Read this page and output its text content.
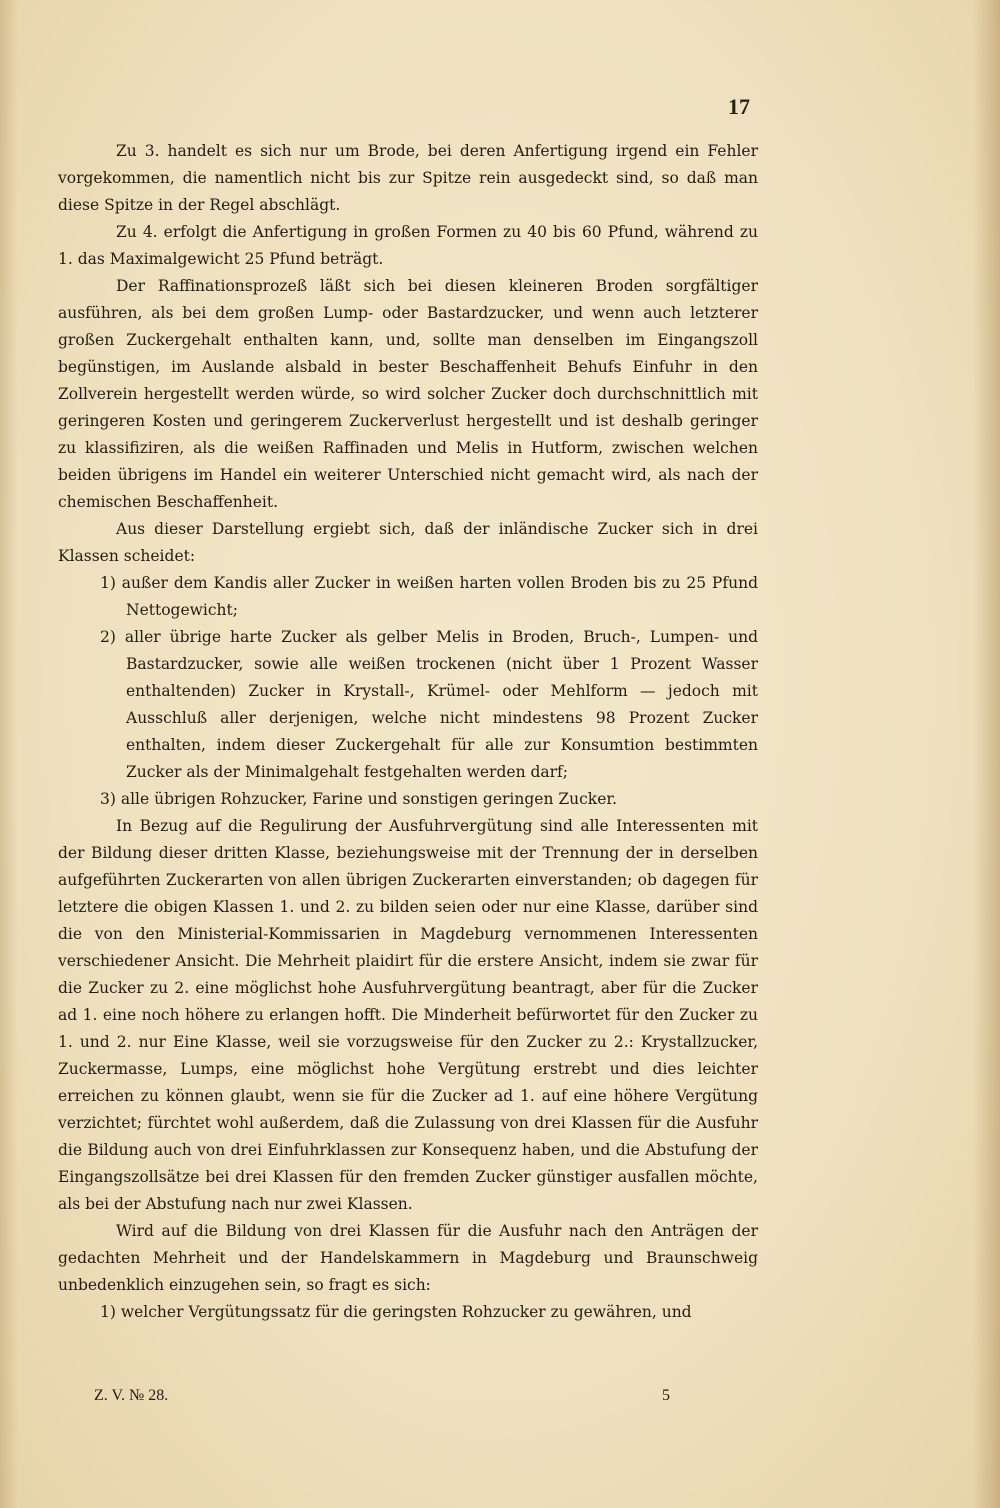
17

Zu 3. handelt es sich nur um Brode, bei deren Anfertigung irgend ein Fehler vorgekommen, die namentlich nicht bis zur Spitze rein ausgedeckt sind, so daß man diese Spitze in der Regel abschlägt.

Zu 4. erfolgt die Anfertigung in großen Formen zu 40 bis 60 Pfund, während zu 1. das Maximalgewicht 25 Pfund beträgt.

Der Raffinationsprozeß läßt sich bei diesen kleineren Broden sorgfältiger ausführen, als bei dem großen Lump- oder Bastardzucker, und wenn auch letzterer großen Zuckergehalt enthalten kann, und, sollte man denselben im Eingangszoll begünstigen, im Auslande alsbald in bester Beschaffenheit Behufs Einfuhr in den Zollverein hergestellt werden würde, so wird solcher Zucker doch durchschnittlich mit geringeren Kosten und geringerem Zuckerverlust hergestellt und ist deshalb geringer zu klassifiziren, als die weißen Raffinaden und Melis in Hutform, zwischen welchen beiden übrigens im Handel ein weiterer Unterschied nicht gemacht wird, als nach der chemischen Beschaffenheit.

Aus dieser Darstellung ergiebt sich, daß der inländische Zucker sich in drei Klassen scheidet:

1) außer dem Kandis aller Zucker in weißen harten vollen Broden bis zu 25 Pfund Nettogewicht;

2) aller übrige harte Zucker als gelber Melis in Broden, Bruch-, Lumpen- und Bastardzucker, sowie alle weißen trockenen (nicht über 1 Prozent Wasser enthaltenden) Zucker in Krystall-, Krümel- oder Mehlform — jedoch mit Ausschluß aller derjenigen, welche nicht mindestens 98 Prozent Zucker enthalten, indem dieser Zuckergehalt für alle zur Konsumtion bestimmten Zucker als der Minimalgehalt festgehalten werden darf;

3) alle übrigen Rohzucker, Farine und sonstigen geringen Zucker.

In Bezug auf die Regulirung der Ausfuhrvergütung sind alle Interessenten mit der Bildung dieser dritten Klasse, beziehungsweise mit der Trennung der in derselben aufgeführten Zuckerarten von allen übrigen Zuckerarten einverstanden; ob dagegen für letztere die obigen Klassen 1. und 2. zu bilden seien oder nur eine Klasse, darüber sind die von den Ministerial-Kommissarien in Magdeburg vernommenen Interessenten verschiedener Ansicht. Die Mehrheit plaidirt für die erstere Ansicht, indem sie zwar für die Zucker zu 2. eine möglichst hohe Ausfuhrvergütung beantragt, aber für die Zucker ad 1. eine noch höhere zu erlangen hofft. Die Minderheit befürwortet für den Zucker zu 1. und 2. nur Eine Klasse, weil sie vorzugsweise für den Zucker zu 2.: Krystallzucker, Zuckermasse, Lumps, eine möglichst hohe Vergütung erstrebt und dies leichter erreichen zu können glaubt, wenn sie für die Zucker ad 1. auf eine höhere Vergütung verzichtet; fürchtet wohl außerdem, daß die Zulassung von drei Klassen für die Ausfuhr die Bildung auch von drei Einfuhrklassen zur Konsequenz haben, und die Abstufung der Eingangszollsätze bei drei Klassen für den fremden Zucker günstiger ausfallen möchte, als bei der Abstufung nach nur zwei Klassen.

Wird auf die Bildung von drei Klassen für die Ausfuhr nach den Anträgen der gedachten Mehrheit und der Handelskammern in Magdeburg und Braunschweig unbedenklich einzugehen sein, so fragt es sich:

1) welcher Vergütungssatz für die geringsten Rohzucker zu gewähren, und

Z. V. № 28.	5
